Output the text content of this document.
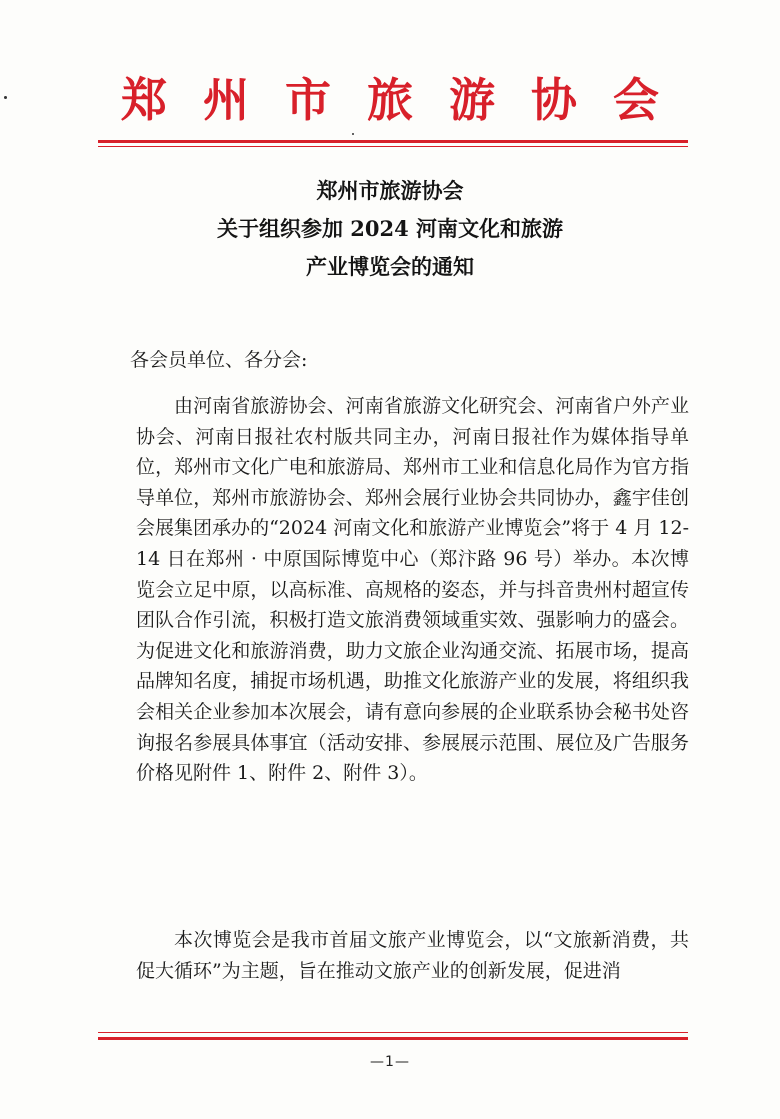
郑州市旅游协会
郑州市旅游协会
关于组织参加 2024 河南文化和旅游
产业博览会的通知
各会员单位、各分会:

由河南省旅游协会、河南省旅游文化研究会、河南省户外产业协会、河南日报社农村版共同主办，河南日报社作为媒体指导单位，郑州市文化广电和旅游局、郑州市工业和信息化局作为官方指导单位，郑州市旅游协会、郑州会展行业协会共同协办，鑫宇佳创会展集团承办的“2024 河南文化和旅游产业博览会”将于 4 月 12-14 日在郑州 · 中原国际博览中心（郑汴路 96 号）举办。本次博览会立足中原，以高标准、高规格的姿态，并与抖音贵州村超宣传团队合作引流，积极打造文旅消费领域重实效、强影响力的盛会。为促进文化和旅游消费，助力文旅企业沟通交流、拓展市场，提高品牌知名度，捕捉市场机遇，助推文化旅游产业的发展，将组织我会相关企业参加本次展会，请有意向参展的企业联系协会秘书处咨询报名参展具体事宜（活动安排、参展展示范围、展位及广告服务价格见附件 1、附件 2、附件 3）。

本次博览会是我市首届文旅产业博览会，以“文旅新消费，共促大循环”为主题，旨在推动文旅产业的创新发展，促进消

—1—
